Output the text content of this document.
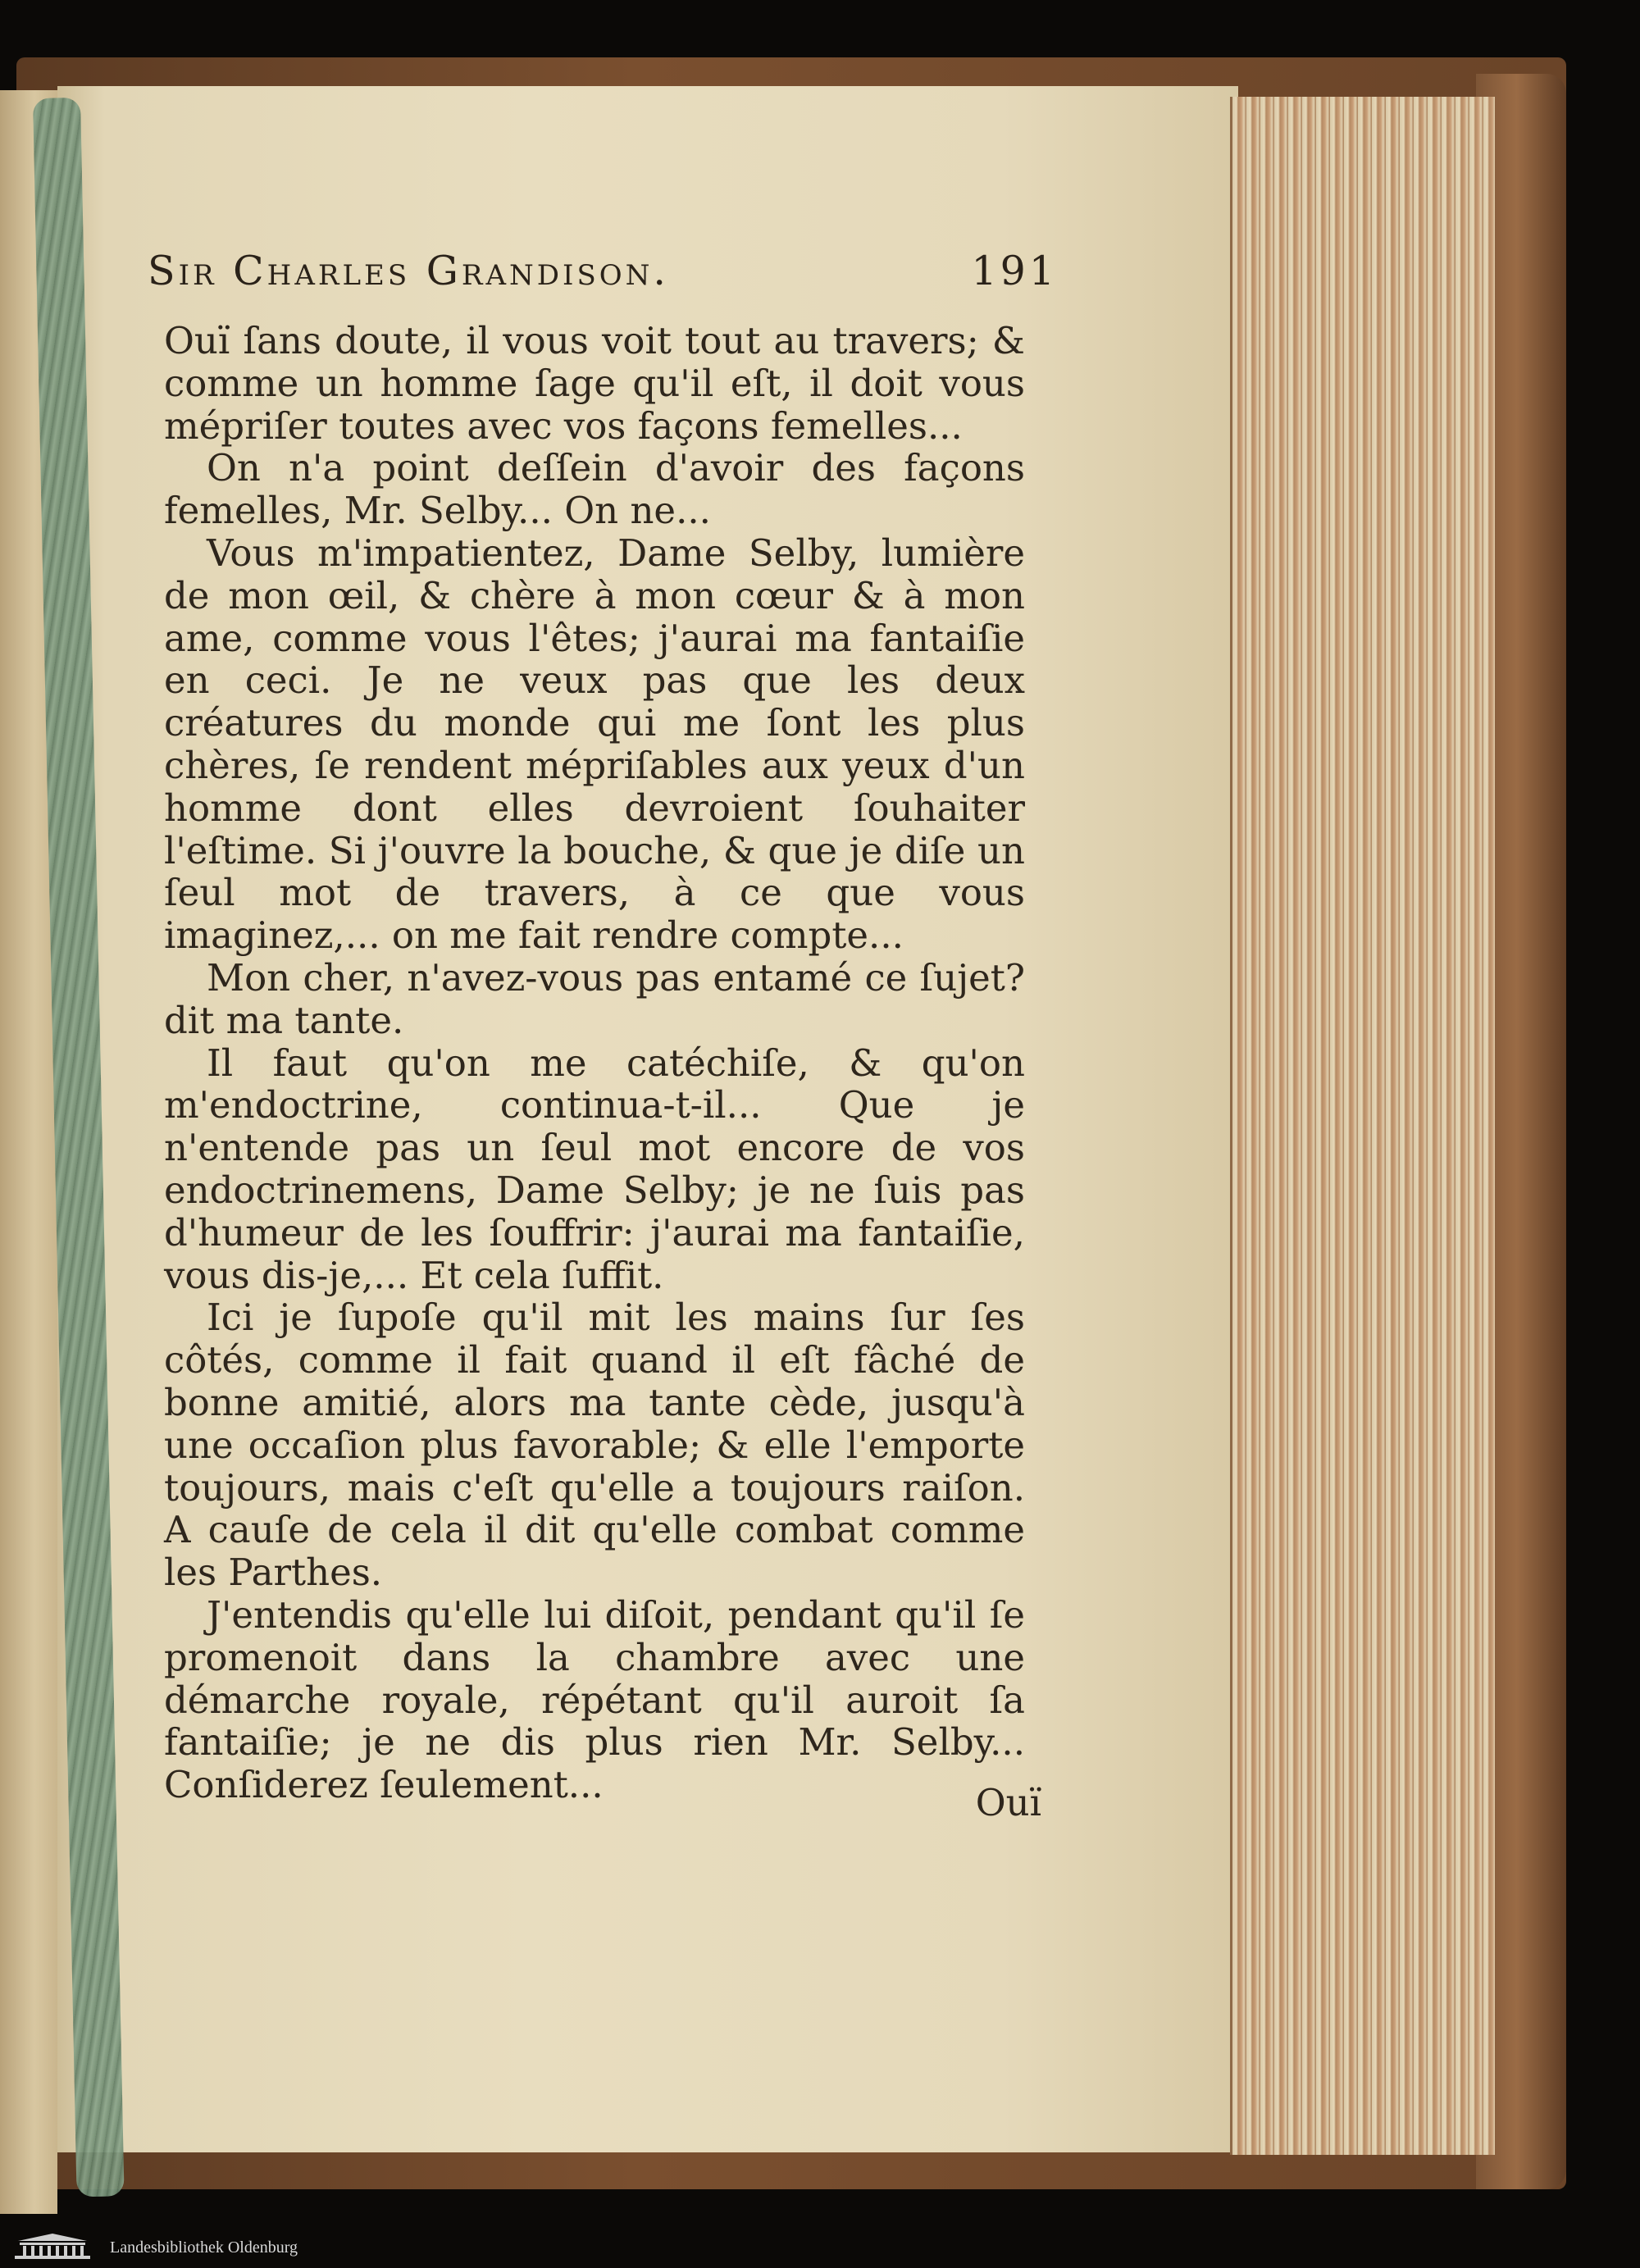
Sir Charles Grandison.	191

Ouï ſans doute, il vous voit tout au travers; & comme un homme ſage qu'il eſt, il doit vous mépriſer toutes avec vos façons femelles...

On n'a point deſſein d'avoir des façons femelles, Mr. Selby... On ne...

Vous m'impatientez, Dame Selby, lumière de mon œil, & chère à mon cœur & à mon ame, comme vous l'êtes; j'aurai ma fantaiſie en ceci. Je ne veux pas que les deux créatures du monde qui me ſont les plus chères, ſe rendent mépriſables aux yeux d'un homme dont elles devroient ſouhaiter l'eſtime. Si j'ouvre la bouche, & que je diſe un ſeul mot de travers, à ce que vous imaginez,... on me fait rendre compte...

Mon cher, n'avez-vous pas entamé ce ſujet? dit ma tante.

Il faut qu'on me catéchiſe, & qu'on m'endoctrine, continua-t-il... Que je n'entende pas un ſeul mot encore de vos endoctrinemens, Dame Selby; je ne ſuis pas d'humeur de les ſouffrir: j'aurai ma fantaiſie, vous dis-je,... Et cela ſuffit.

Ici je ſupoſe qu'il mit les mains ſur ſes côtés, comme il fait quand il eſt fâché de bonne amitié, alors ma tante cède, jusqu'à une occaſion plus favorable; & elle l'emporte toujours, mais c'eſt qu'elle a toujours raiſon. A cauſe de cela il dit qu'elle combat comme les Parthes.

J'entendis qu'elle lui diſoit, pendant qu'il ſe promenoit dans la chambre avec une démarche royale, répétant qu'il auroit ſa fantaiſie; je ne dis plus rien Mr. Selby... Conſiderez ſeulement...	Ouï
Landesbibliothek Oldenburg
